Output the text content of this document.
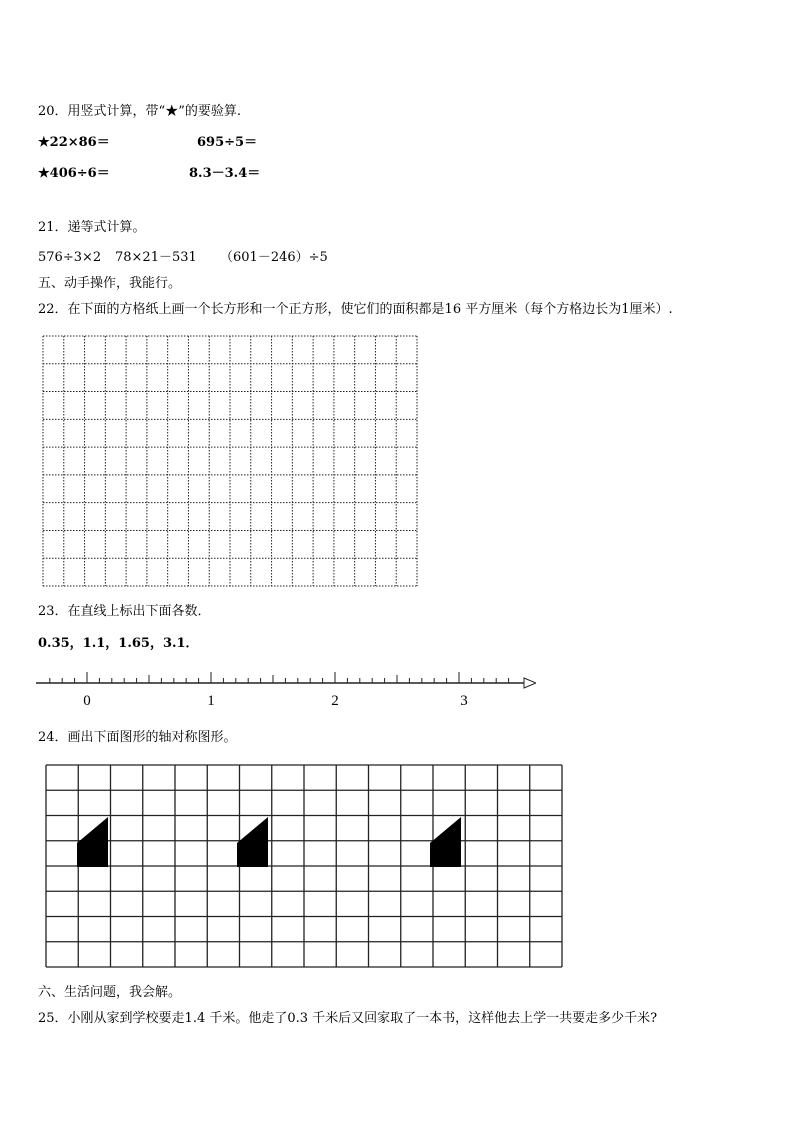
20．用竖式计算，带“★”的要验算.
★22×86＝	695÷5＝
★406÷6＝	8.3－3.4＝
21．递等式计算。
576÷3×2 78×21－531 （601－246）÷5
五、动手操作，我能行。
22．在下面的方格纸上画一个长方形和一个正方形，使它们的面积都是16 平方厘米（每个方格边长为1厘米）.
23．在直线上标出下面各数．
0.35，1.1，1.65，3.1．
0	1	2	3
24．画出下面图形的轴对称图形。
六、生活问题，我会解。
25．小刚从家到学校要走1.4 千米。他走了0.3 千米后又回家取了一本书，这样他去上学一共要走多少千米?
